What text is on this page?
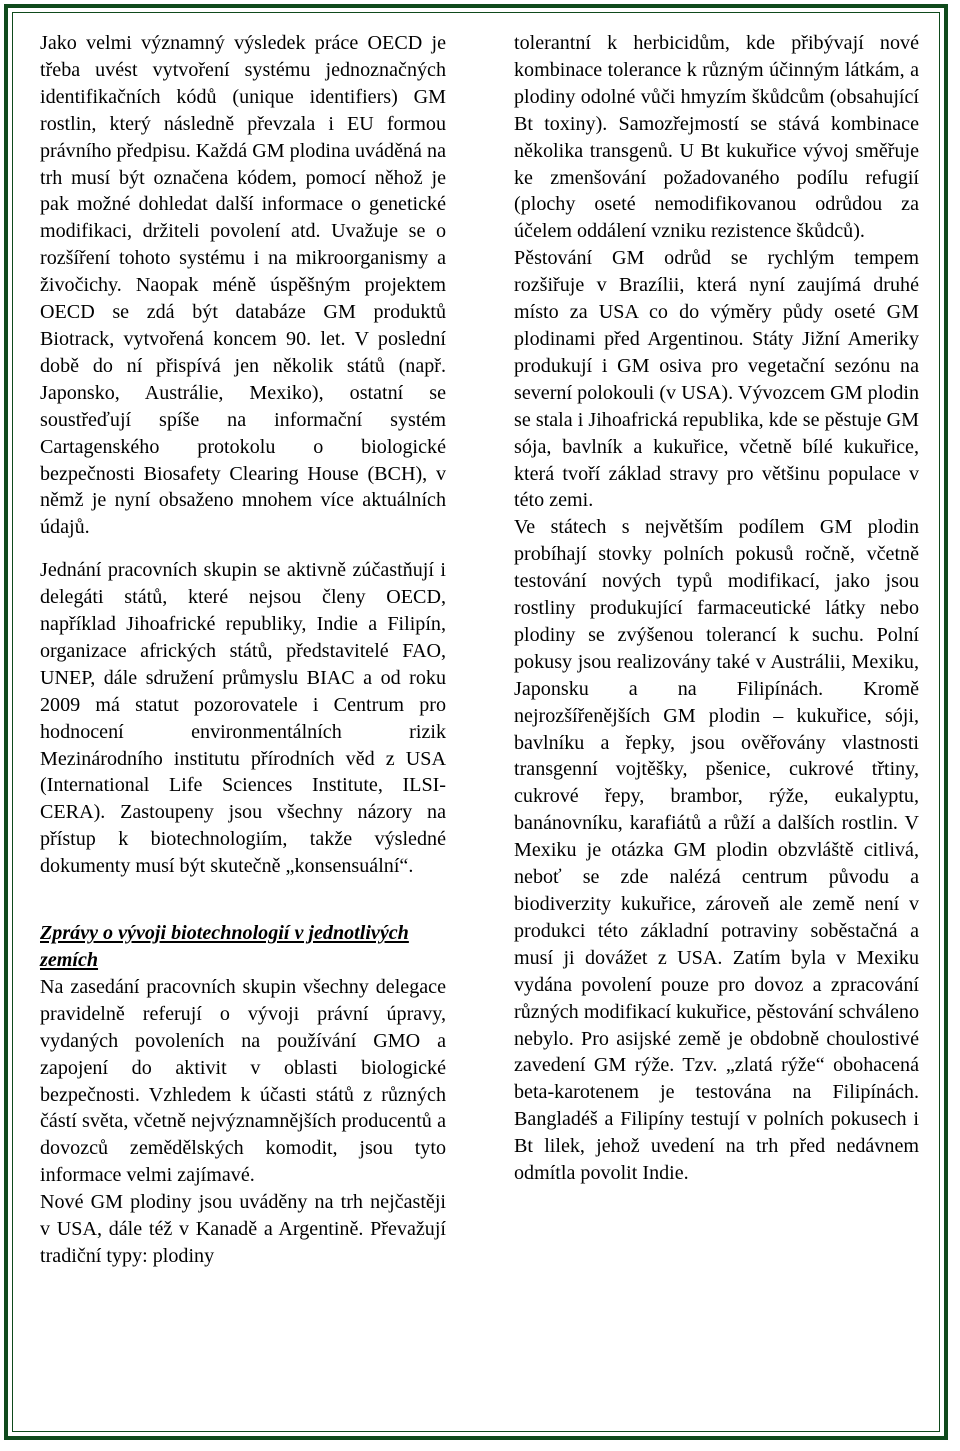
Jako velmi významný výsledek práce OECD je třeba uvést vytvoření systému jednoznačných identifikačních kódů (unique identifiers) GM rostlin, který následně převzala i EU formou právního předpisu. Každá GM plodina uváděná na trh musí být označena kódem, pomocí něhož je pak možné dohledat další informace o genetické modifikaci, držiteli povolení atd. Uvažuje se o rozšíření tohoto systému i na mikroorganismy a živočichy. Naopak méně úspěšným projektem OECD se zdá být databáze GM produktů Biotrack, vytvořená koncem 90. let. V poslední době do ní přispívá jen několik států (např. Japonsko, Austrálie, Mexiko), ostatní se soustřeďují spíše na informační systém Cartagenského protokolu o biologické bezpečnosti Biosafety Clearing House (BCH), v němž je nyní obsaženo mnohem více aktuálních údajů.

Jednání pracovních skupin se aktivně zúčastňují i delegáti států, které nejsou členy OECD, například Jihoafrické republiky, Indie a Filipín, organizace afrických států, představitelé FAO, UNEP, dále sdružení průmyslu BIAC a od roku 2009 má statut pozorovatele i Centrum pro hodnocení environmentálních rizik Mezinárodního institutu přírodních věd z USA (International Life Sciences Institute, ILSI-CERA). Zastoupeny jsou všechny názory na přístup k biotechnologiím, takže výsledné dokumenty musí být skutečně „konsensuální“.

Zprávy o vývoji biotechnologií v jednotlivých zemích

Na zasedání pracovních skupin všechny delegace pravidelně referují o vývoji právní úpravy, vydaných povoleních na používání GMO a zapojení do aktivit v oblasti biologické bezpečnosti. Vzhledem k účasti států z různých částí světa, včetně nejvýznamnějších producentů a dovozců zemědělských komodit, jsou tyto informace velmi zajímavé.

Nové GM plodiny jsou uváděny na trh nejčastěji v USA, dále též v Kanadě a Argentině. Převažují tradiční typy: plodiny

tolerantní k herbicidům, kde přibývají nové kombinace tolerance k různým účinným látkám, a plodiny odolné vůči hmyzím škůdcům (obsahující Bt toxiny). Samozřejmostí se stává kombinace několika transgenů. U Bt kukuřice vývoj směřuje ke zmenšování požadovaného podílu refugií (plochy oseté nemodifikovanou odrůdou za účelem oddálení vzniku rezistence škůdců).

Pěstování GM odrůd se rychlým tempem rozšiřuje v Brazílii, která nyní zaujímá druhé místo za USA co do výměry půdy oseté GM plodinami před Argentinou. Státy Jižní Ameriky produkují i GM osiva pro vegetační sezónu na severní polokouli (v USA). Vývozcem GM plodin se stala i Jihoafrická republika, kde se pěstuje GM sója, bavlník a kukuřice, včetně bílé kukuřice, která tvoří základ stravy pro většinu populace v této zemi.

Ve státech s největším podílem GM plodin probíhají stovky polních pokusů ročně, včetně testování nových typů modifikací, jako jsou rostliny produkující farmaceutické látky nebo plodiny se zvýšenou tolerancí k suchu. Polní pokusy jsou realizovány také v Austrálii, Mexiku, Japonsku a na Filipínách. Kromě nejrozšířenějších GM plodin – kukuřice, sóji, bavlníku a řepky, jsou ověřovány vlastnosti transgenní vojtěšky, pšenice, cukrové třtiny, cukrové řepy, brambor, rýže, eukalyptu, banánovníku, karafiátů a růží a dalších rostlin. V Mexiku je otázka GM plodin obzvláště citlivá, neboť se zde nalézá centrum původu a biodiverzity kukuřice, zároveň ale země není v produkci této základní potraviny soběstačná a musí ji dovážet z USA. Zatím byla v Mexiku vydána povolení pouze pro dovoz a zpracování různých modifikací kukuřice, pěstování schváleno nebylo. Pro asijské země je obdobně choulostivé zavedení GM rýže. Tzv. „zlatá rýže“ obohacená beta-karotenem je testována na Filipínách. Bangladéš a Filipíny testují v polních pokusech i Bt lilek, jehož uvedení na trh před nedávnem odmítla povolit Indie.
